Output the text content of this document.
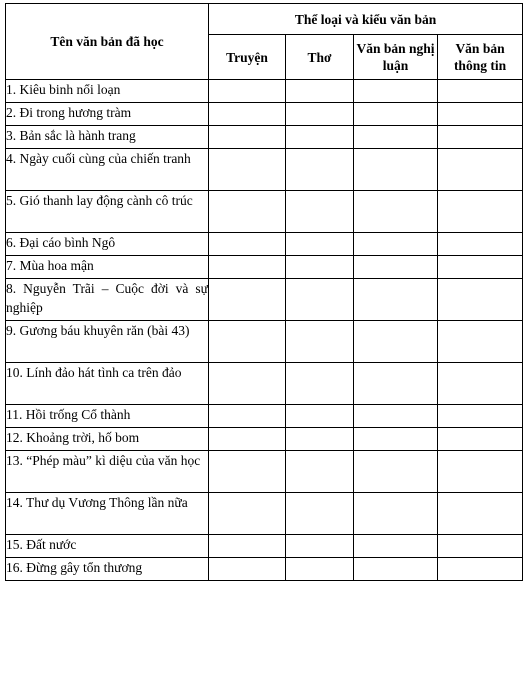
Tên văn bản đã học	Thể loại và kiểu văn bản			
	Truyện	Thơ	Văn bản nghị luận	Văn bản thông tin
1. Kiêu binh nổi loạn				
2. Đi trong hương tràm				
3. Bản sắc là hành trang				
4. Ngày cuối cùng của chiến tranh				
5. Gió thanh lay động cành cô trúc				
6. Đại cáo bình Ngô				
7. Mùa hoa mận				
8. Nguyễn Trãi – Cuộc đời và sự nghiệp				
9. Gương báu khuyên răn (bài 43)				
10. Lính đảo hát tình ca trên đảo				
11. Hồi trống Cổ thành				
12. Khoảng trời, hố bom				
13. “Phép màu” kì diệu của văn học				
14. Thư dụ Vương Thông lần nữa				
15. Đất nước				
16. Đừng gây tổn thương				
